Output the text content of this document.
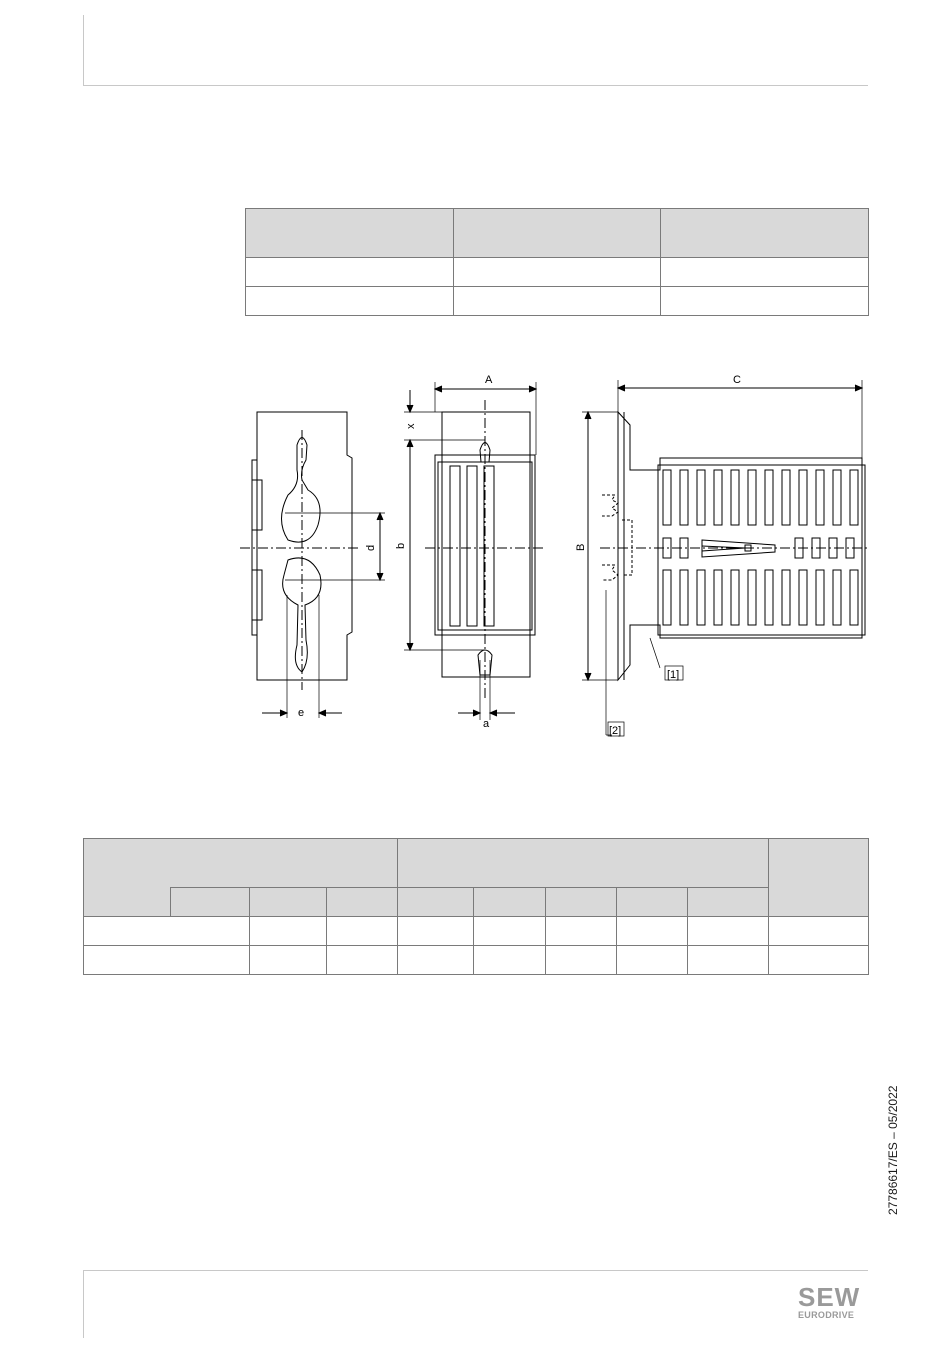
A
x
b
d
e
a
C
B
[1]
[2]

27786617/ES – 05/2022
SEW
EURODRIVE
